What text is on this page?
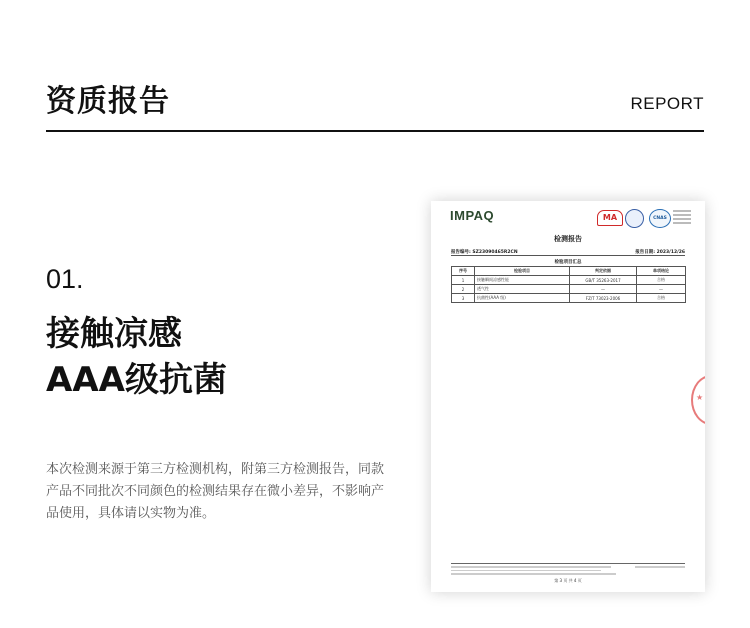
资质报告	REPORT
01.
接触凉感
AAA级抗菌
本次检测来源于第三方检测机构，附第三方检测报告，同款产品不同批次不同颜色的检测结果存在微小差异，不影响产品使用，具体请以实物为准。
IMPAQ	MA	CNAS
检测报告
报告编号: SZ23090465R2CN	报告日期: 2023/12/26
检验项目汇总
序号	检验项目	判定依据	单项结论
1	接触瞬间凉感性能	GB/T 35263-2017	合格
2	透气性	—	—
3	抗菌性(AAA 级)	FZ/T 73023-2006	合格
★
第 3 页 共 4 页
